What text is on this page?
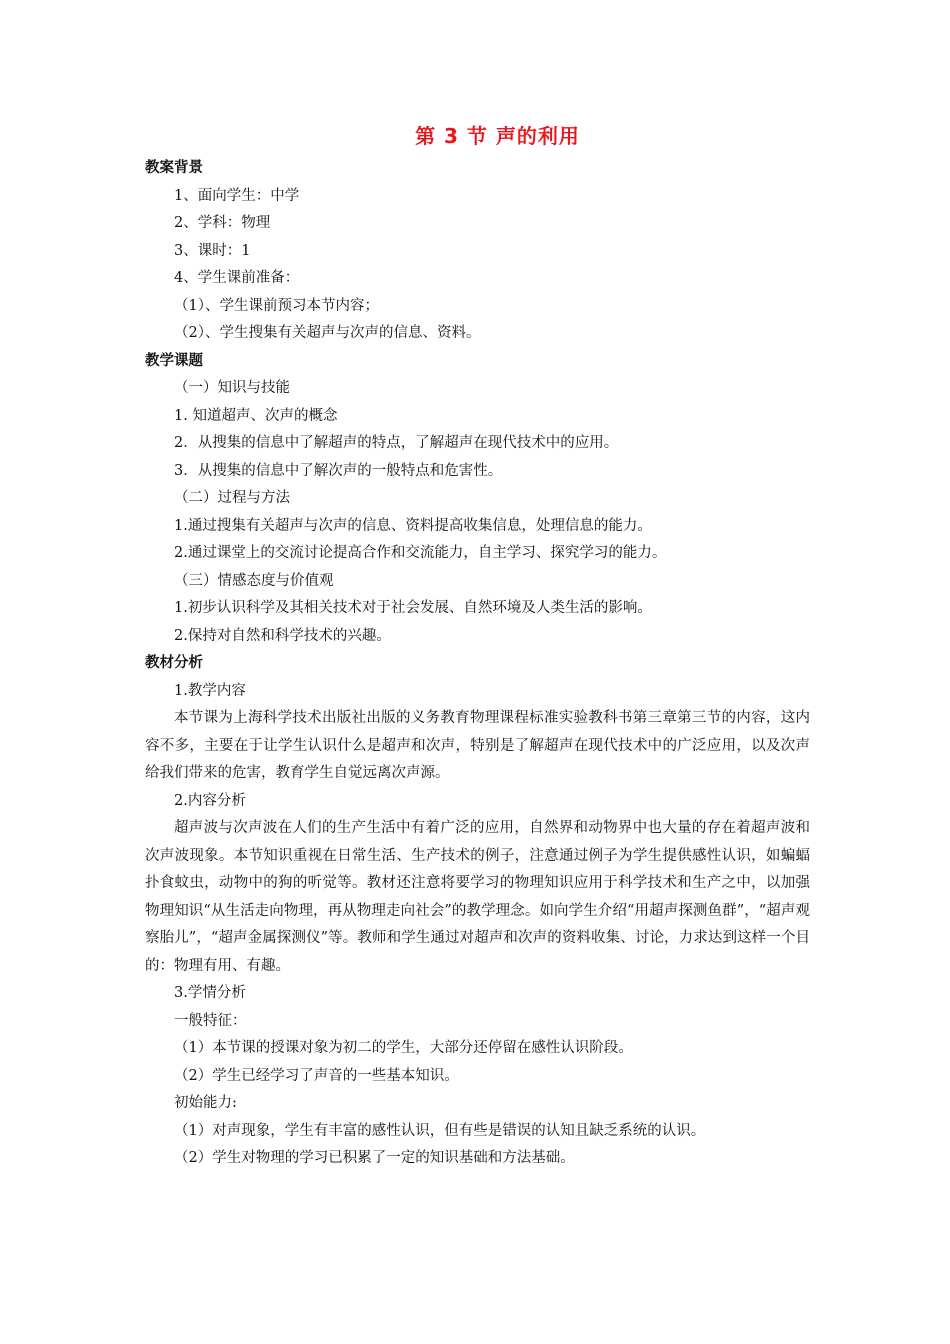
第 3 节 声的利用

教案背景

1、面向学生：中学

2、学科：物理

3、课时：1

4、学生课前准备：

（1）、学生课前预习本节内容；

（2）、学生搜集有关超声与次声的信息、资料。

教学课题

（一）知识与技能

1. 知道超声、次声的概念

2．从搜集的信息中了解超声的特点，了解超声在现代技术中的应用。

3．从搜集的信息中了解次声的一般特点和危害性。

（二）过程与方法

1.通过搜集有关超声与次声的信息、资料提高收集信息，处理信息的能力。

2.通过课堂上的交流讨论提高合作和交流能力，自主学习、探究学习的能力。

（三）情感态度与价值观

1.初步认识科学及其相关技术对于社会发展、自然环境及人类生活的影响。

2.保持对自然和科学技术的兴趣。

教材分析

1.教学内容

本节课为上海科学技术出版社出版的义务教育物理课程标准实验教科书第三章第三节的内容，这内容不多，主要在于让学生认识什么是超声和次声，特别是了解超声在现代技术中的广泛应用，以及次声给我们带来的危害，教育学生自觉远离次声源。

2.内容分析

超声波与次声波在人们的生产生活中有着广泛的应用，自然界和动物界中也大量的存在着超声波和次声波现象。本节知识重视在日常生活、生产技术的例子，注意通过例子为学生提供感性认识，如蝙蝠扑食蚊虫，动物中的狗的听觉等。教材还注意将要学习的物理知识应用于科学技术和生产之中，以加强物理知识“从生活走向物理，再从物理走向社会”的教学理念。如向学生介绍“用超声探测鱼群”，“超声观察胎儿”，“超声金属探测仪”等。教师和学生通过对超声和次声的资料收集、讨论，力求达到这样一个目的：物理有用、有趣。

3.学情分析

一般特征：

（1）本节课的授课对象为初二的学生，大部分还停留在感性认识阶段。

（2）学生已经学习了声音的一些基本知识。

初始能力:

（1）对声现象，学生有丰富的感性认识，但有些是错误的认知且缺乏系统的认识。

（2）学生对物理的学习已积累了一定的知识基础和方法基础。
